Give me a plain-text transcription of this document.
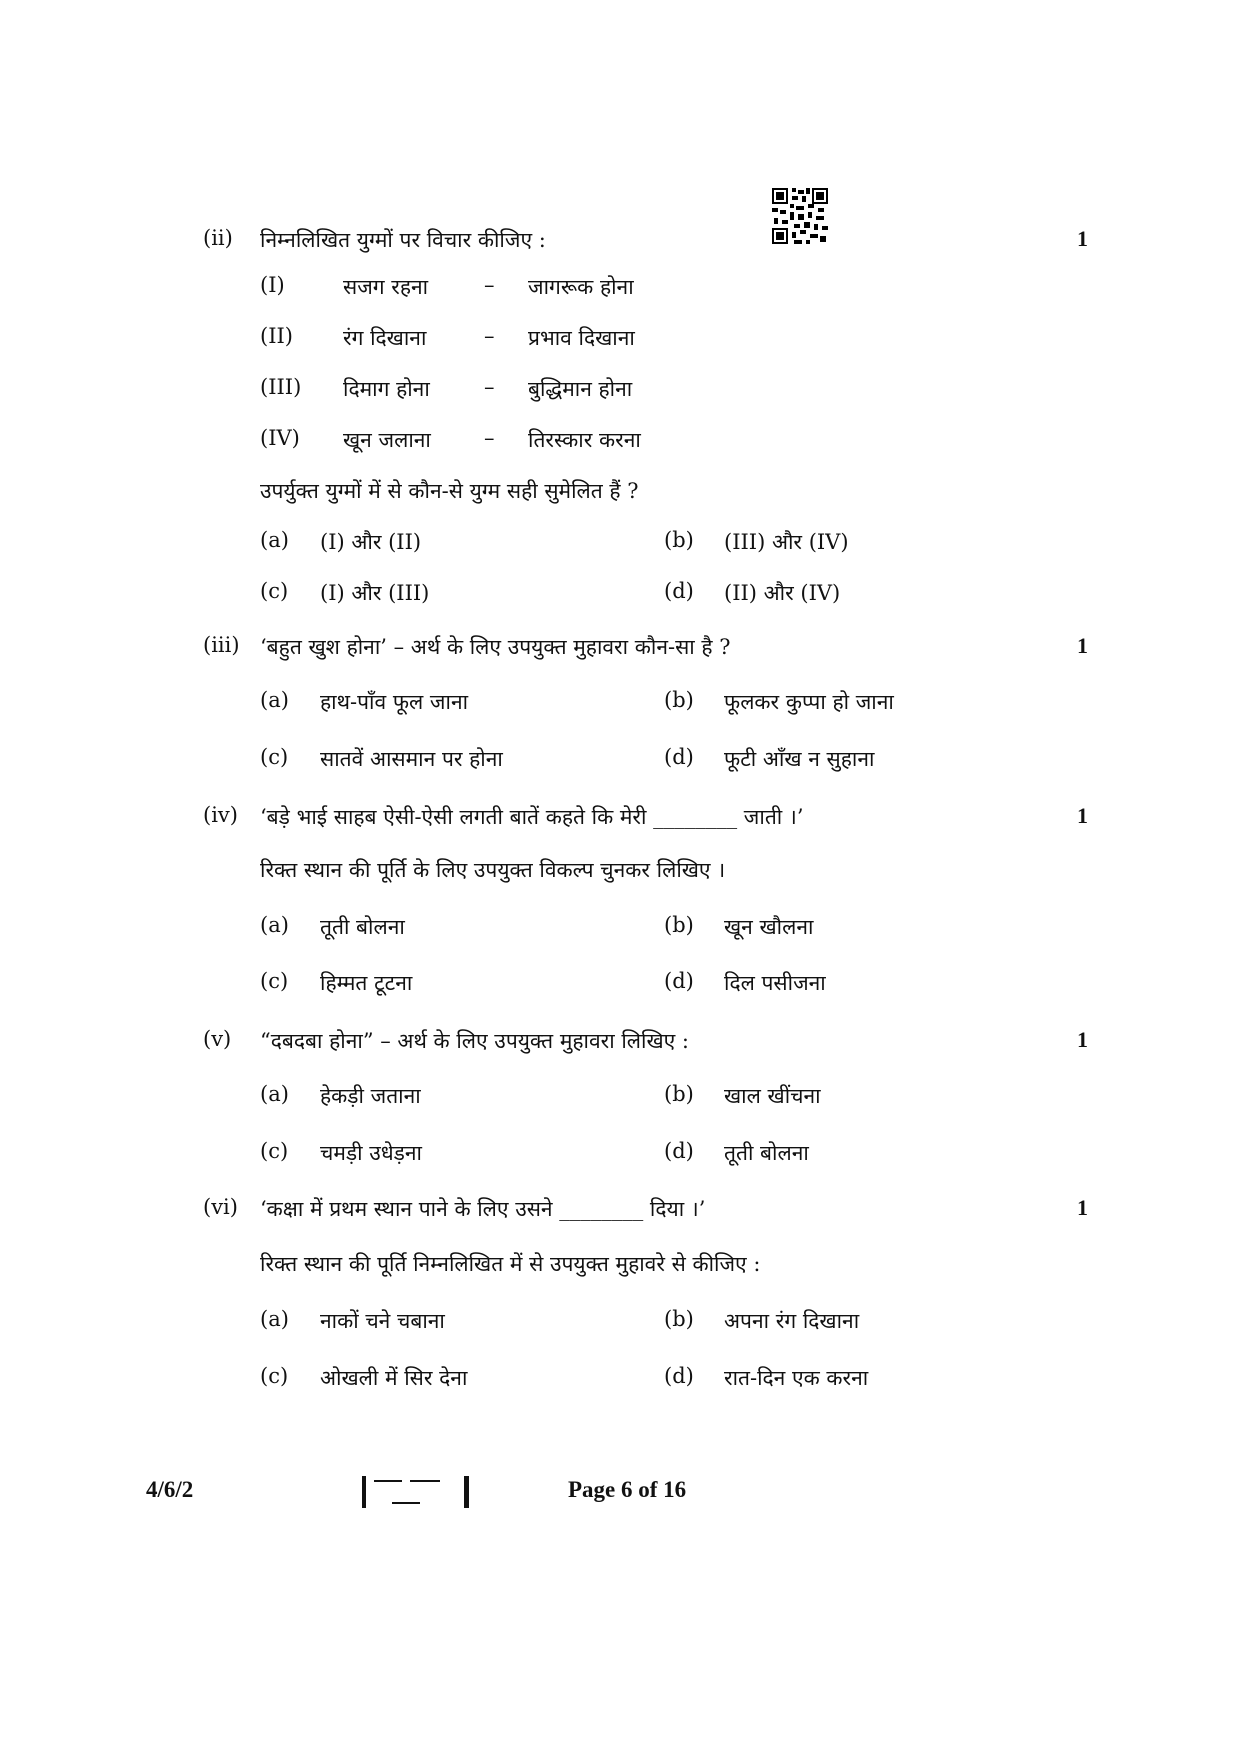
(ii) निम्नलिखित युग्मों पर विचार कीजिए :	1
(I)	सजग रहना	– जागरूक होना
(II) रंग दिखाना	– प्रभाव दिखाना
(III) दिमाग होना	– बुद्धिमान होना
(IV) खून जलाना	– तिरस्कार करना
उपर्युक्त युग्मों में से कौन-से युग्म सही सुमेलित हैं ?
(a) (I) और (II)	(b) (III) और (IV)
(c) (I) और (III)	(d) (II) और (IV)
(iii) ‘बहुत खुश होना’ – अर्थ के लिए उपयुक्त मुहावरा कौन-सा है ?	1
(a) हाथ-पाँव फूल जाना	(b) फूलकर कुप्पा हो जाना
(c) सातवें आसमान पर होना	(d) फूटी आँख न सुहाना
(iv) ‘बड़े भाई साहब ऐसी-ऐसी लगती बातें कहते कि मेरी ________ जाती ।’	1
रिक्त स्थान की पूर्ति के लिए उपयुक्त विकल्प चुनकर लिखिए ।
(a) तूती बोलना	(b) खून खौलना
(c) हिम्मत टूटना	(d) दिल पसीजना
(v) “दबदबा होना” – अर्थ के लिए उपयुक्त मुहावरा लिखिए :	1
(a) हेकड़ी जताना	(b) खाल खींचना
(c) चमड़ी उधेड़ना	(d) तूती बोलना
(vi) ‘कक्षा में प्रथम स्थान पाने के लिए उसने ________ दिया ।’	1
रिक्त स्थान की पूर्ति निम्नलिखित में से उपयुक्त मुहावरे से कीजिए :
(a) नाकों चने चबाना	(b) अपना रंग दिखाना
(c) ओखली में सिर देना	(d) रात-दिन एक करना
4/6/2	Page 6 of 16
